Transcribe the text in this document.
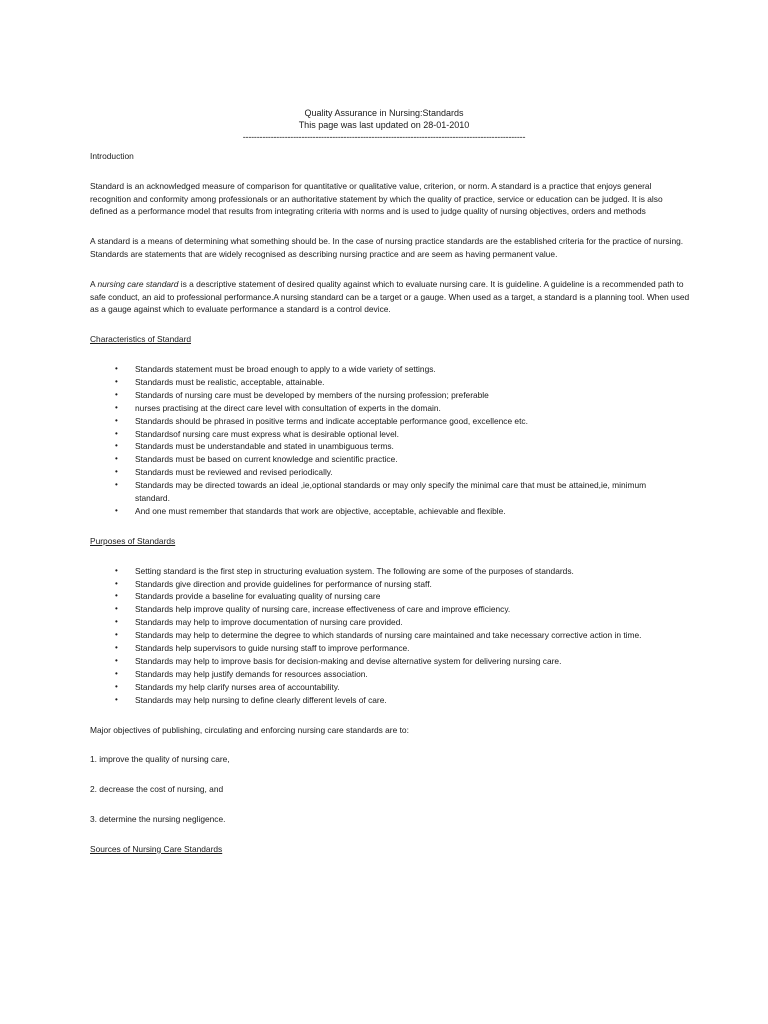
Quality Assurance in Nursing:Standards
This page was last updated on 28-01-2010
-----------------------------------------------------------------------------------------------------

Introduction

Standard is an acknowledged measure of comparison for quantitative or qualitative value, criterion, or norm. A standard is a practice that enjoys general recognition and conformity among professionals or an authoritative statement by which the quality of practice, service or education can be judged. It is also defined as a performance model that results from integrating criteria with norms and is used to judge quality of nursing objectives, orders and methods

A standard is a means of determining what something should be. In the case of nursing practice standards are the established criteria for the practice of nursing. Standards are statements that are widely recognised as describing nursing practice and are seem as having permanent value.

A nursing care standard is a descriptive statement of desired quality against which to evaluate nursing care. It is guideline. A guideline is a recommended path to safe conduct, an aid to professional performance.A nursing standard can be a target or a gauge. When used as a target, a standard is a planning tool. When used as a gauge against which to evaluate performance a standard is a control device.

Characteristics of Standard

• Standards statement must be broad enough to apply to a wide variety of settings.
• Standards must be realistic, acceptable, attainable.
• Standards of nursing care must be developed by members of the nursing profession; preferable
• nurses practising at the direct care level with consultation of experts in the domain.
• Standards should be phrased in positive terms and indicate acceptable performance good, excellence etc.
• Standardsof nursing care must express what is desirable optional level.
• Standards must be understandable and stated in unambiguous terms.
• Standards must be based on current knowledge and scientific practice.
• Standards must be reviewed and revised periodically.
• Standards may be directed towards an ideal ,ie,optional standards or may only specify the minimal care that must be attained,ie, minimum standard.
• And one must remember that standards that work are objective, acceptable, achievable and flexible.

Purposes of Standards

• Setting standard is the first step in structuring evaluation system. The following are some of the purposes of standards.
• Standards give direction and provide guidelines for performance of nursing staff.
• Standards provide a baseline for evaluating quality of nursing care
• Standards help improve quality of nursing care, increase effectiveness of care and improve efficiency.
• Standards may help to improve documentation of nursing care provided.
• Standards may help to determine the degree to which standards of nursing care maintained and take necessary corrective action in time.
• Standards help supervisors to guide nursing staff to improve performance.
• Standards may help to improve basis for decision-making and devise alternative system for delivering nursing care.
• Standards may help justify demands for resources association.
• Standards my help clarify nurses area of accountability.
• Standards may help nursing to define clearly different levels of care.

Major objectives of publishing, circulating and enforcing nursing care standards are to:

1. improve the quality of nursing care,

2. decrease the cost of nursing, and

3. determine the nursing negligence.

Sources of Nursing Care Standards
